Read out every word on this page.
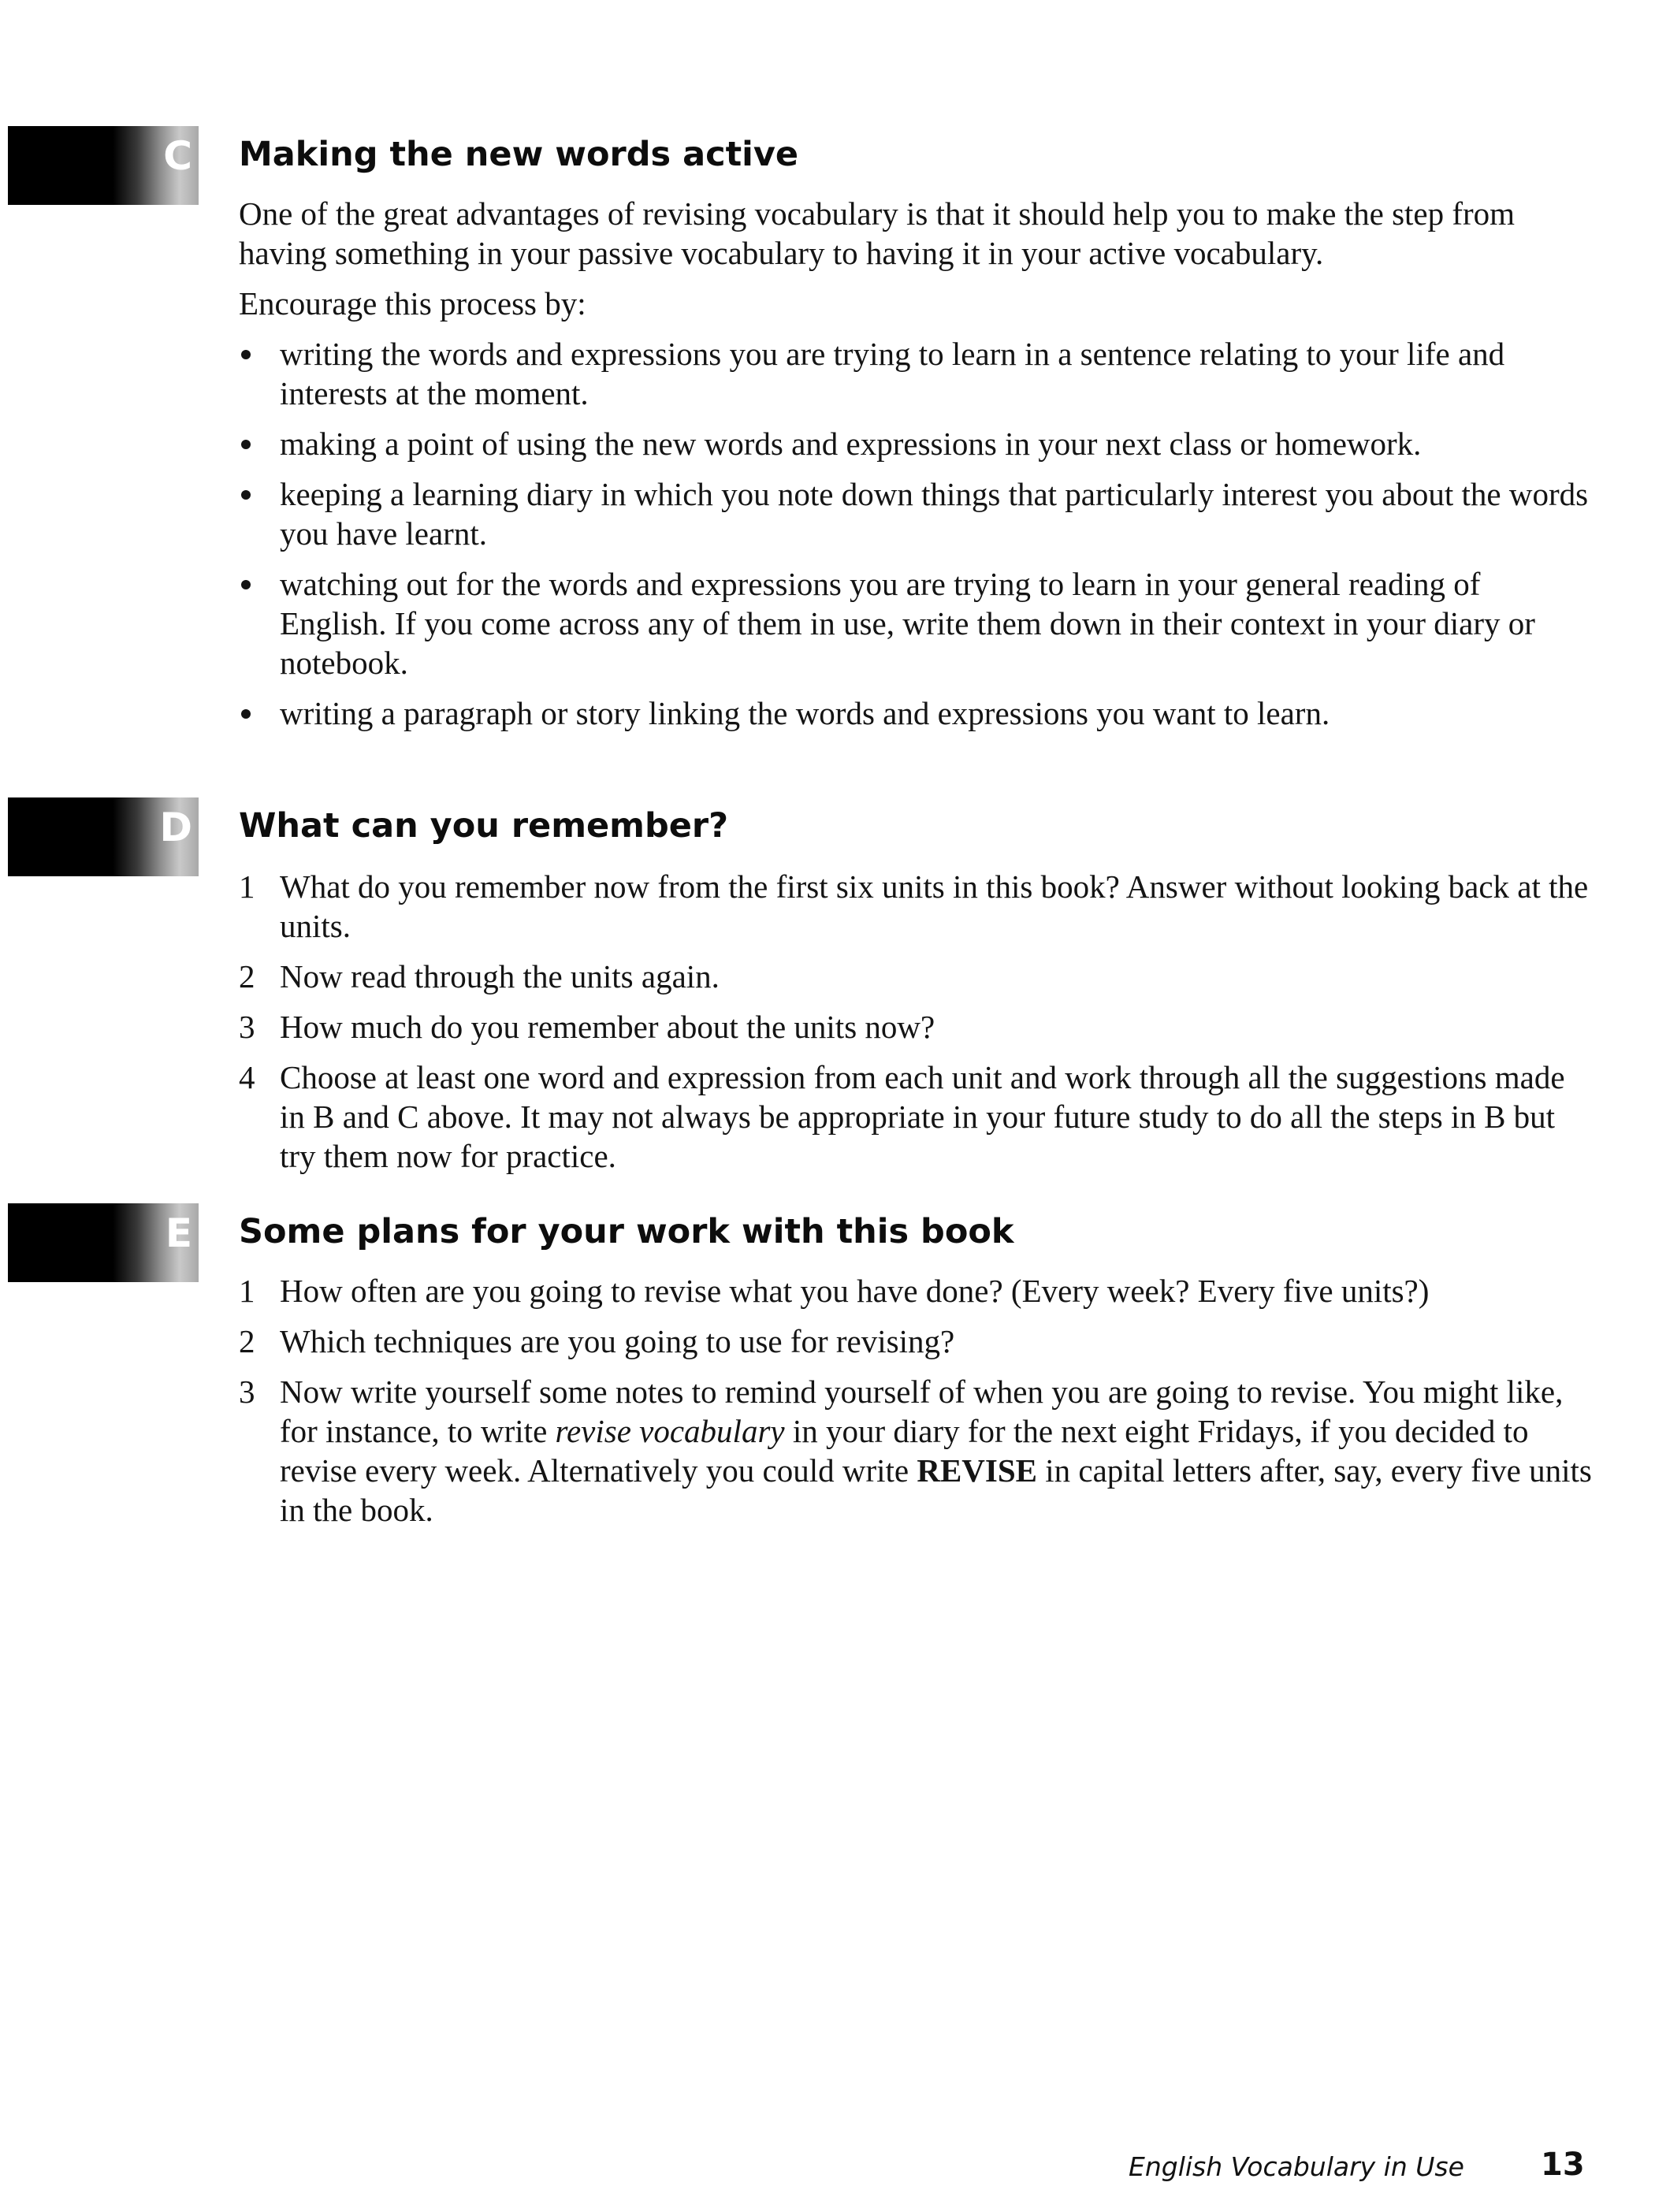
C Making the new words active

One of the great advantages of revising vocabulary is that it should help you to make the step from having something in your passive vocabulary to having it in your active vocabulary.

Encourage this process by:

writing the words and expressions you are trying to learn in a sentence relating to your life and interests at the moment.
making a point of using the new words and expressions in your next class or homework.
keeping a learning diary in which you note down things that particularly interest you about the words you have learnt.
watching out for the words and expressions you are trying to learn in your general reading of English. If you come across any of them in use, write them down in their context in your diary or notebook.
writing a paragraph or story linking the words and expressions you want to learn.
D What can you remember?
1 What do you remember now from the first six units in this book? Answer without looking back at the units.
2 Now read through the units again.
3 How much do you remember about the units now?
4 Choose at least one word and expression from each unit and work through all the suggestions made in B and C above. It may not always be appropriate in your future study to do all the steps in B but try them now for practice.
E Some plans for your work with this book
1 How often are you going to revise what you have done? (Every week? Every five units?)
2 Which techniques are you going to use for revising?
3 Now write yourself some notes to remind yourself of when you are going to revise. You might like, for instance, to write revise vocabulary in your diary for the next eight Fridays, if you decided to revise every week. Alternatively you could write REVISE in capital letters after, say, every five units in the book.
English Vocabulary in Use 13
